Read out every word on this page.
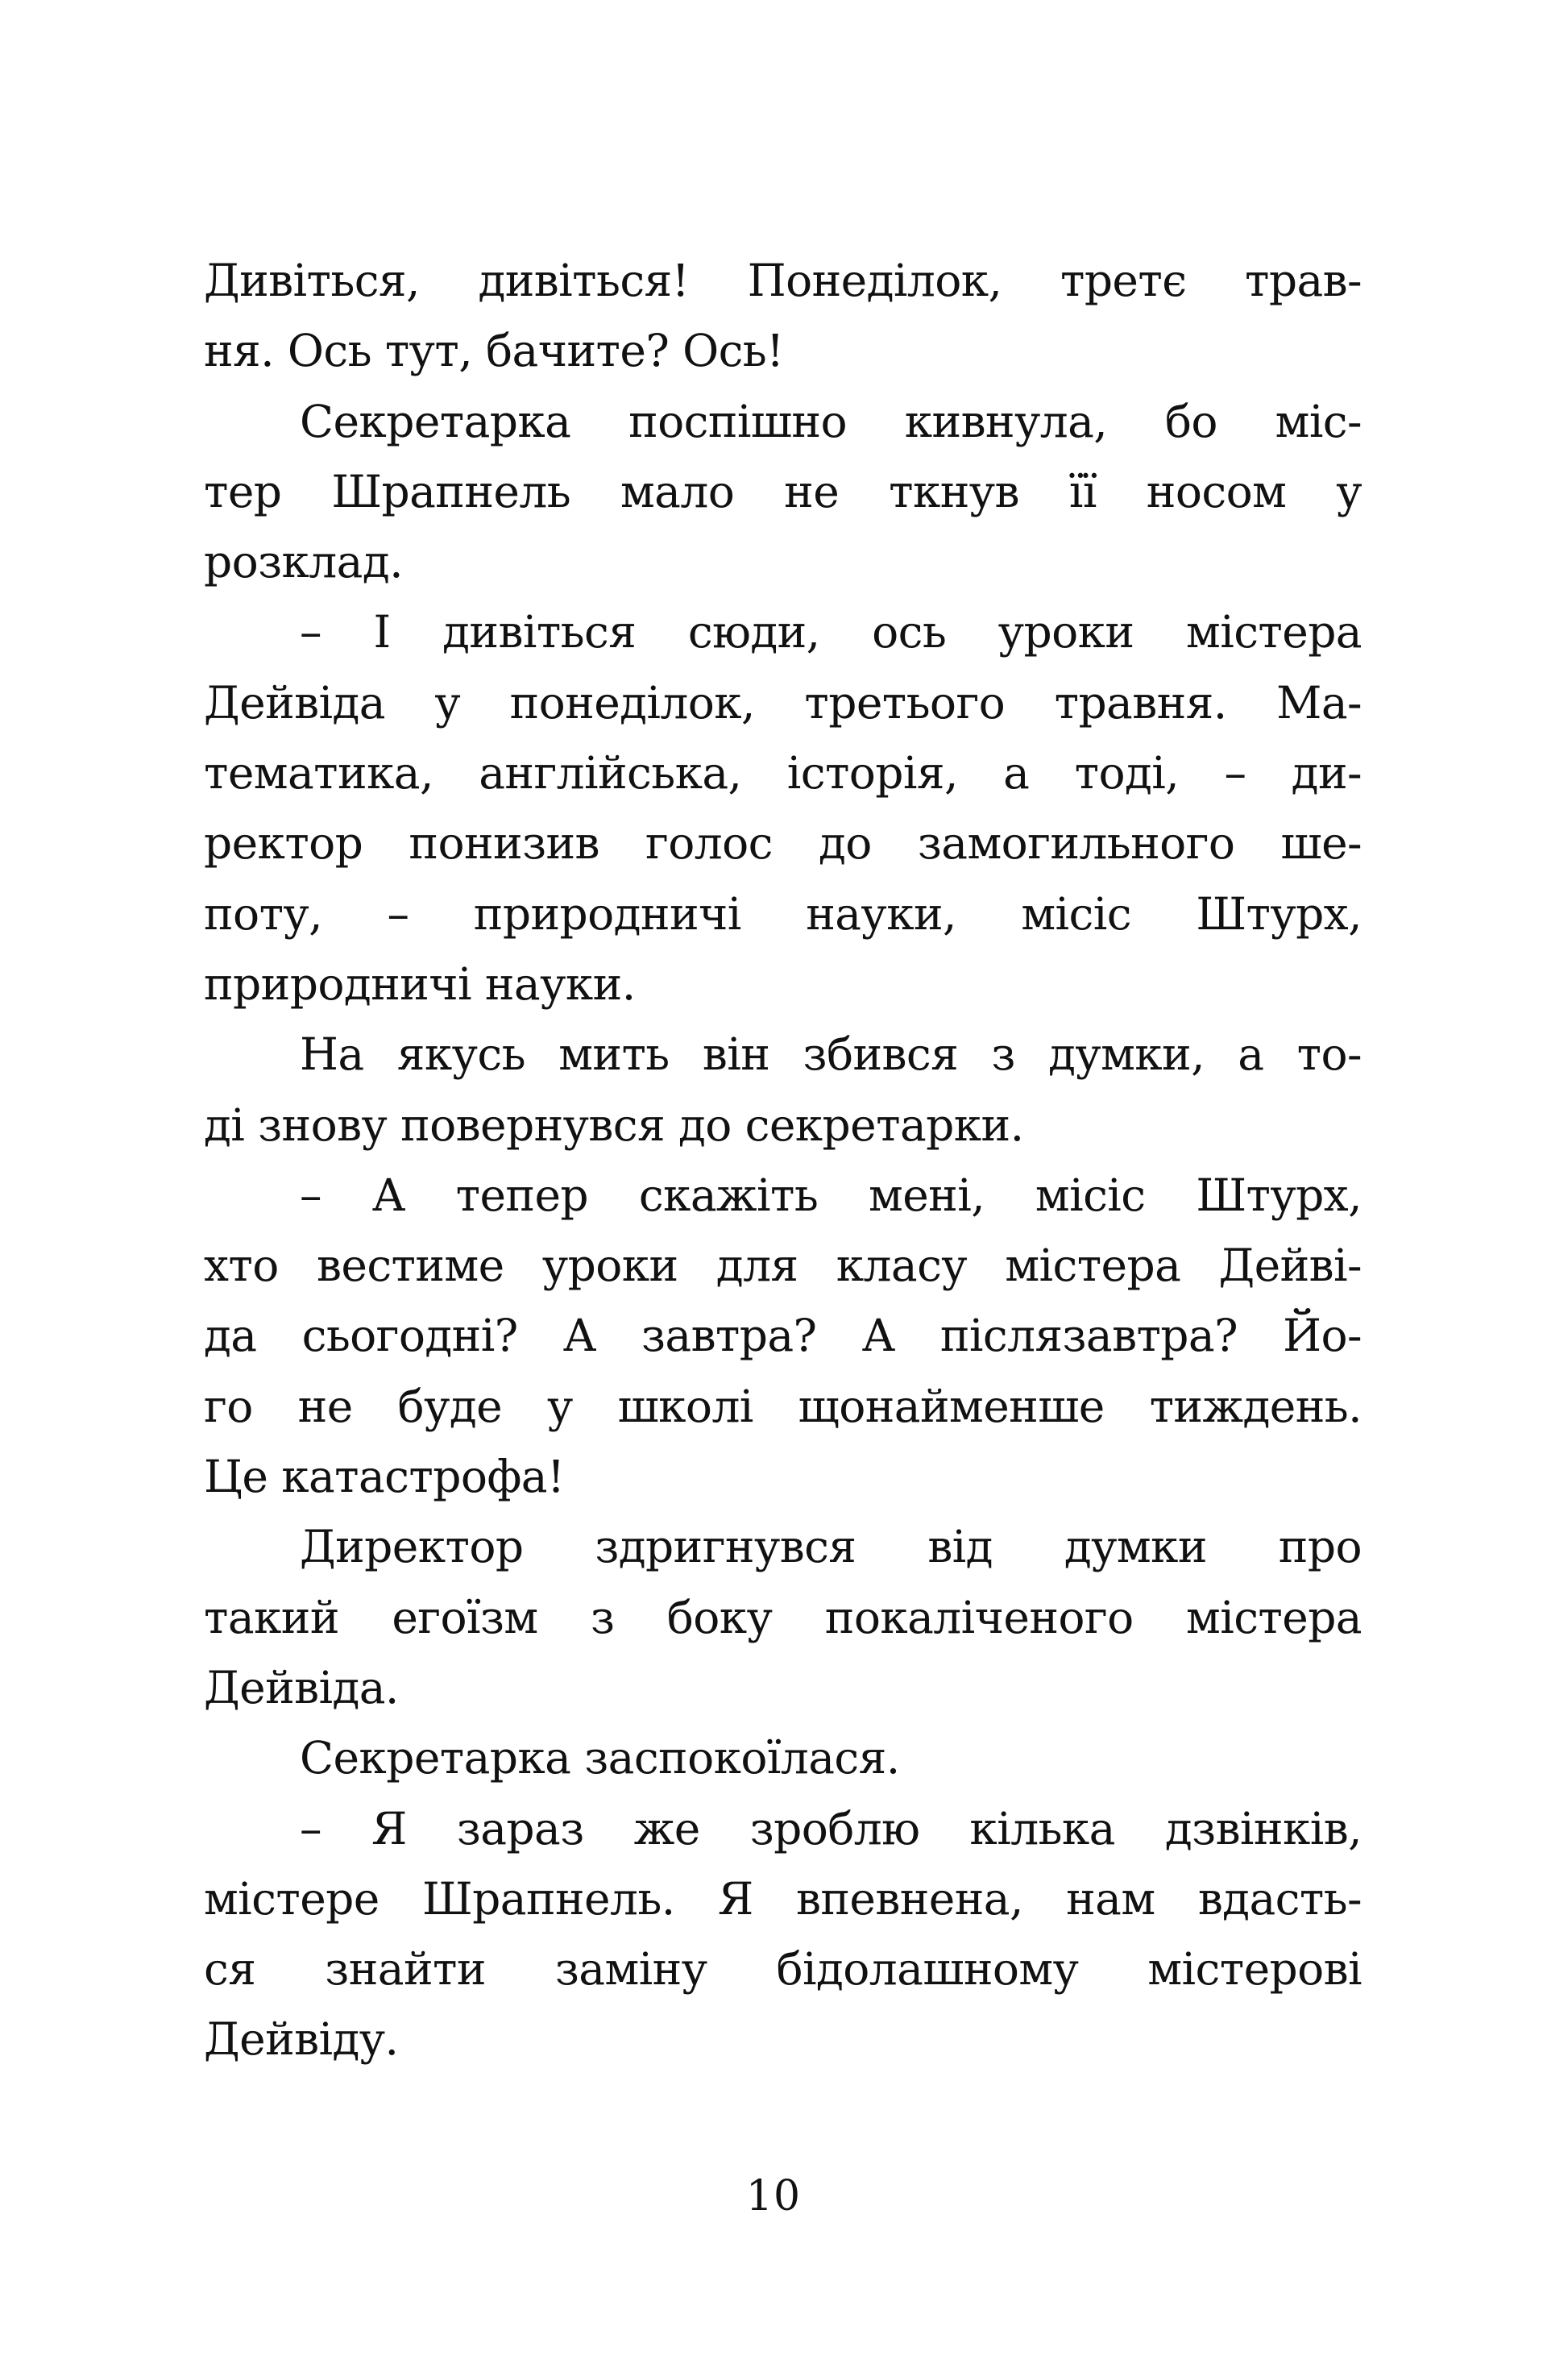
Дивіться, дивіться! Понеділок, третє трав-
ня. Ось тут, бачите? Ось!
Секретарка поспішно кивнула, бо міс-
тер Шрапнель мало не ткнув її носом у
розклад.
– І дивіться сюди, ось уроки містера
Дейвіда у понеділок, третього травня. Ма-
тематика, англійська, історія, а тоді, – ди-
ректор понизив голос до замогильного ше-
поту, – природничі науки, місіс Штурх,
природничі науки.
На якусь мить він збився з думки, а то-
ді знову повернувся до секретарки.
– А тепер скажіть мені, місіс Штурх,
хто вестиме уроки для класу містера Дейві-
да сьогодні? А завтра? А післязавтра? Йо-
го не буде у школі щонайменше тиждень.
Це катастрофа!
Директор здригнувся від думки про
такий егоїзм з боку покаліченого містера
Дейвіда.
Секретарка заспокоїлася.
– Я зараз же зроблю кілька дзвінків,
містере Шрапнель. Я впевнена, нам вдасть-
ся знайти заміну бідолашному містерові
Дейвіду.
10
